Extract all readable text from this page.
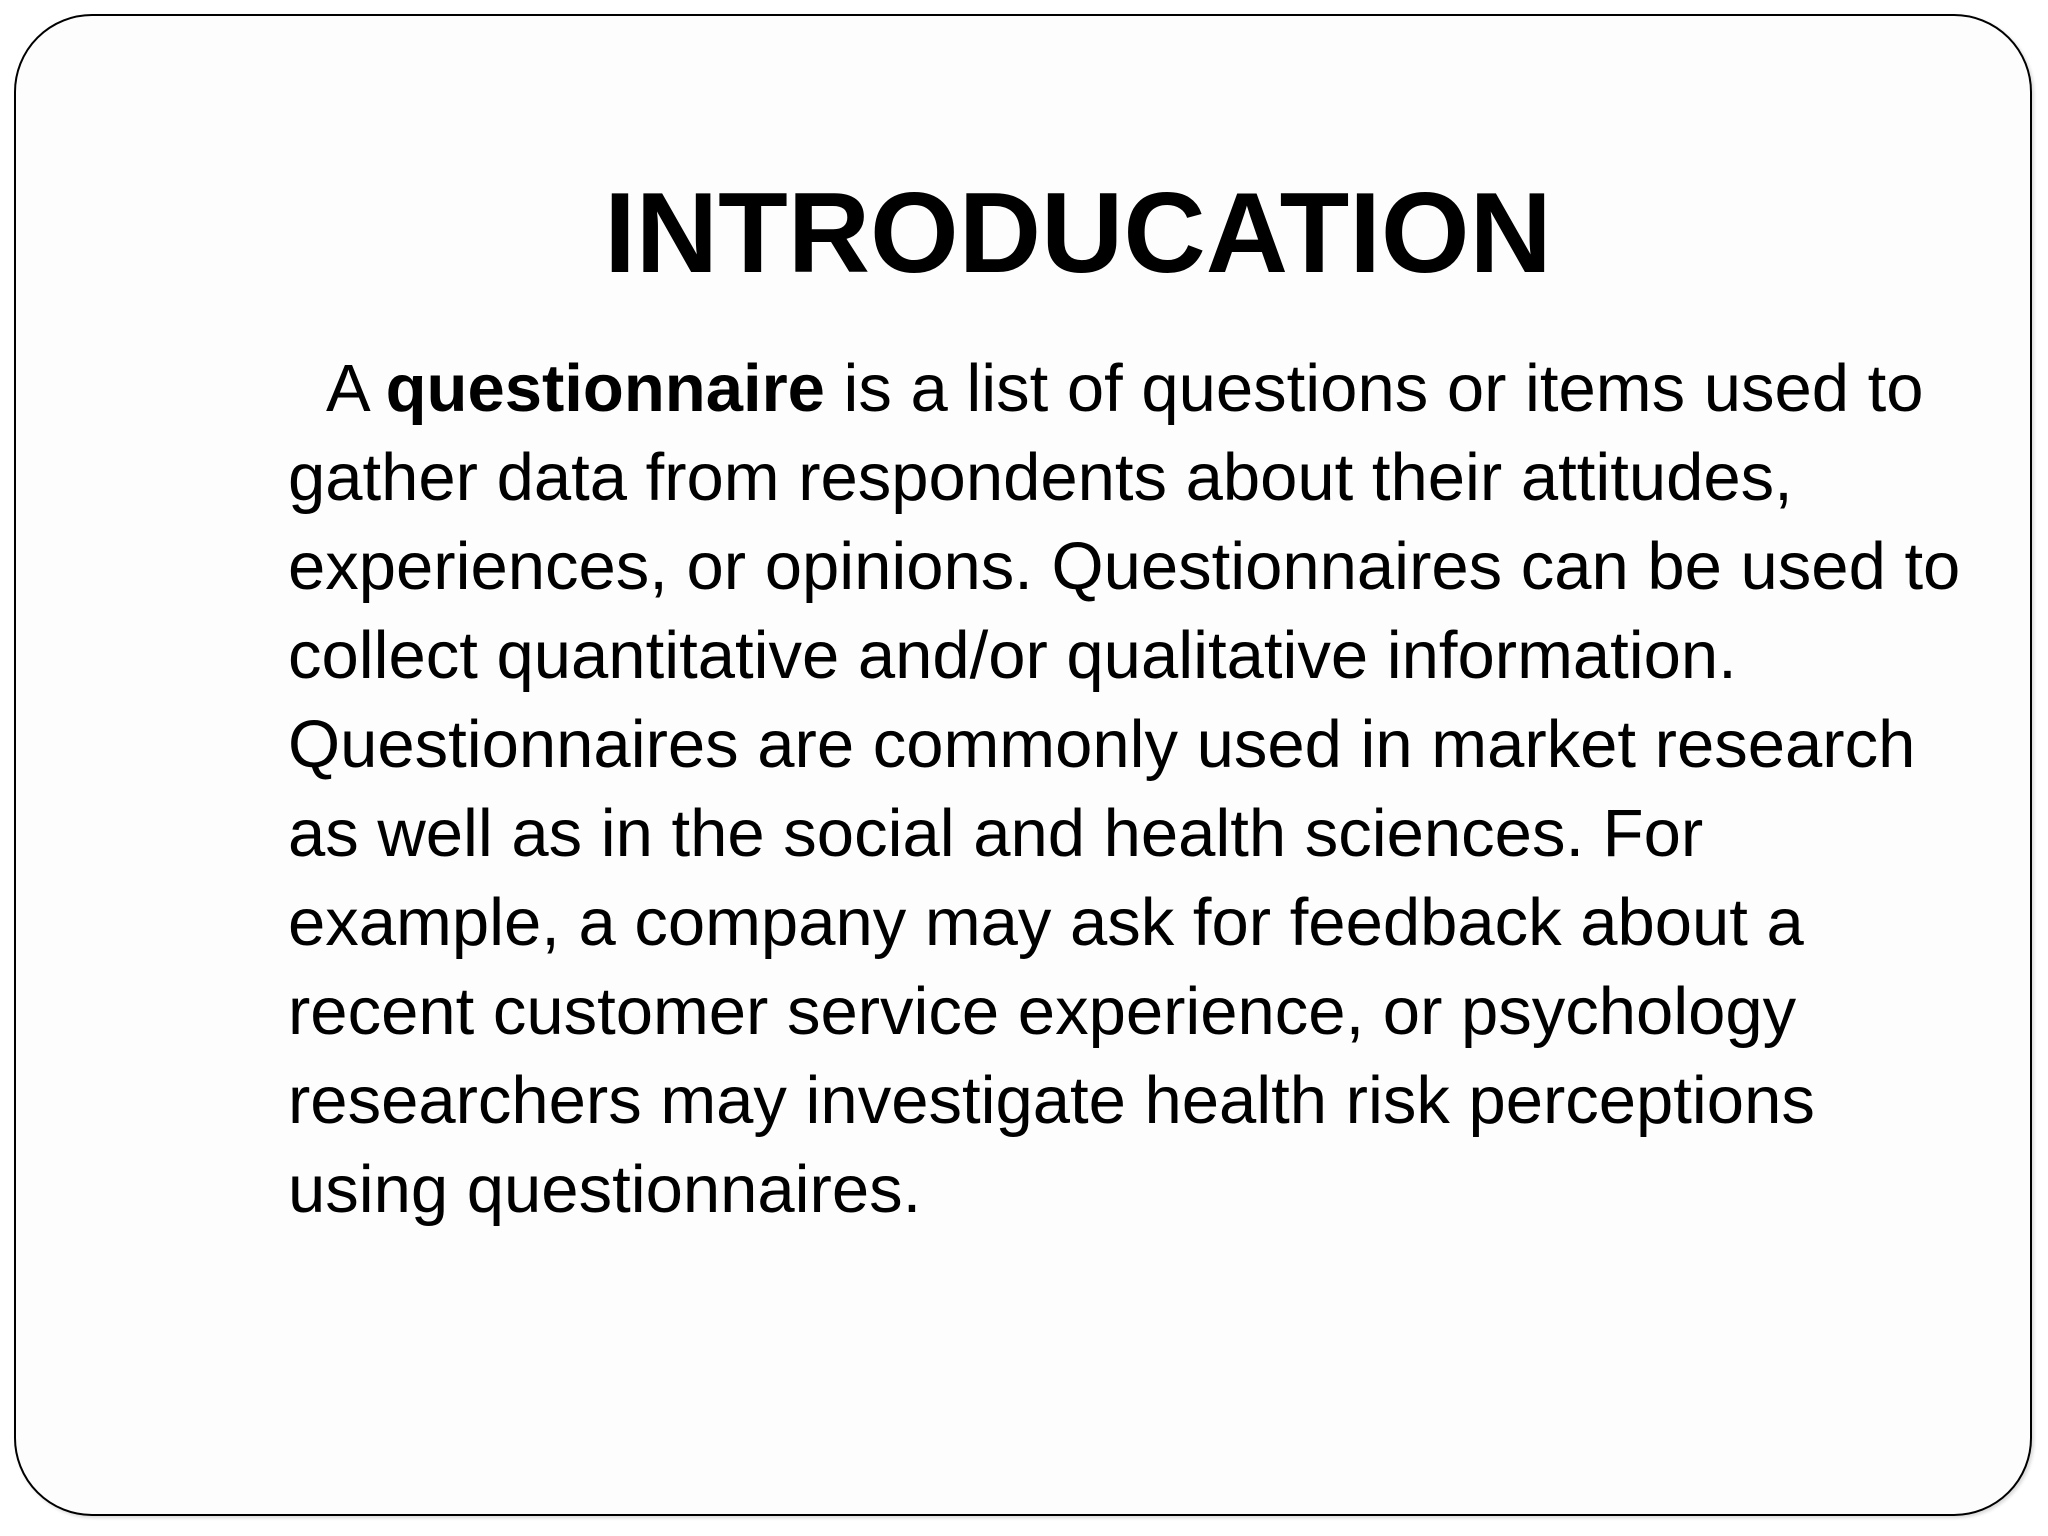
INTRODUCATION

A questionnaire is a list of questions or items used to gather data from respondents about their attitudes, experiences, or opinions. Questionnaires can be used to collect quantitative and/or qualitative information. Questionnaires are commonly used in market research as well as in the social and health sciences. For example, a company may ask for feedback about a recent customer service experience, or psychology researchers may investigate health risk perceptions using questionnaires.
